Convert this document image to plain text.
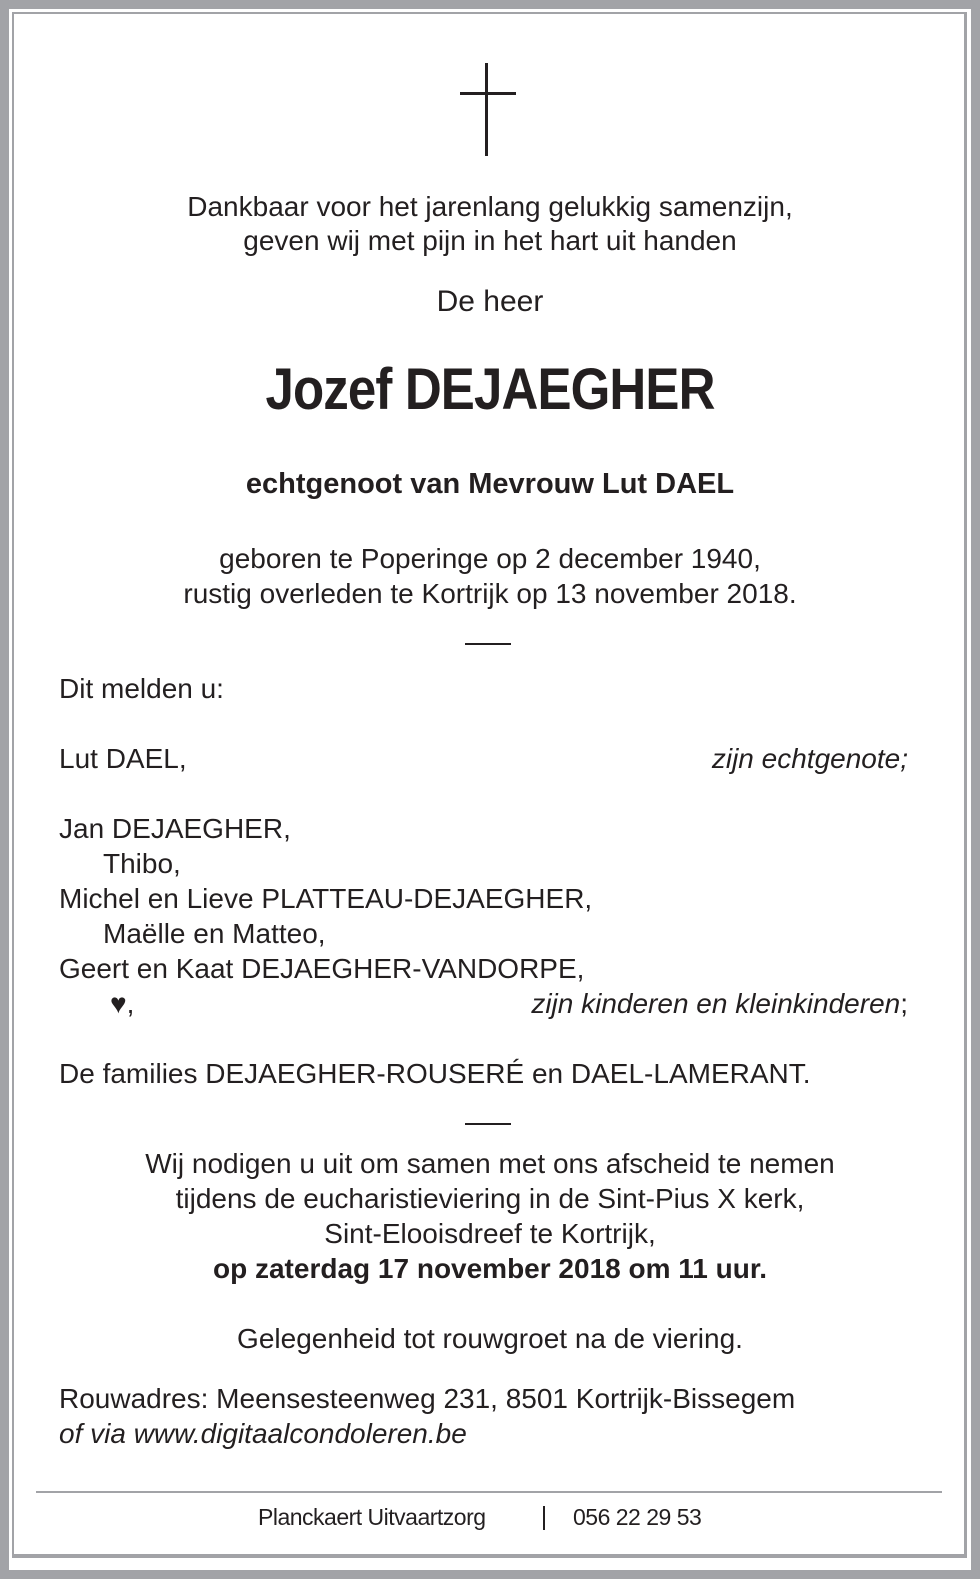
Dankbaar voor het jarenlang gelukkig samenzijn,
geven wij met pijn in het hart uit handen
De heer
Jozef DEJAEGHER
echtgenoot van Mevrouw Lut DAEL
geboren te Poperinge op 2 december 1940,
rustig overleden te Kortrijk op 13 november 2018.
Dit melden u:
Lut DAEL,	zijn echtgenote;
Jan DEJAEGHER,
Thibo,
Michel en Lieve PLATTEAU-DEJAEGHER,
Maëlle en Matteo,
Geert en Kaat DEJAEGHER-VANDORPE,
♥,	zijn kinderen en kleinkinderen;
De families DEJAEGHER-ROUSERÉ en DAEL-LAMERANT.
Wij nodigen u uit om samen met ons afscheid te nemen
tijdens de eucharistieviering in de Sint-Pius X kerk,
Sint-Elooisdreef te Kortrijk,
op zaterdag 17 november 2018 om 11 uur.
Gelegenheid tot rouwgroet na de viering.
Rouwadres: Meensesteenweg 231, 8501 Kortrijk-Bissegem
of via www.digitaalcondoleren.be
Planckaert Uitvaartzorg	056 22 29 53
